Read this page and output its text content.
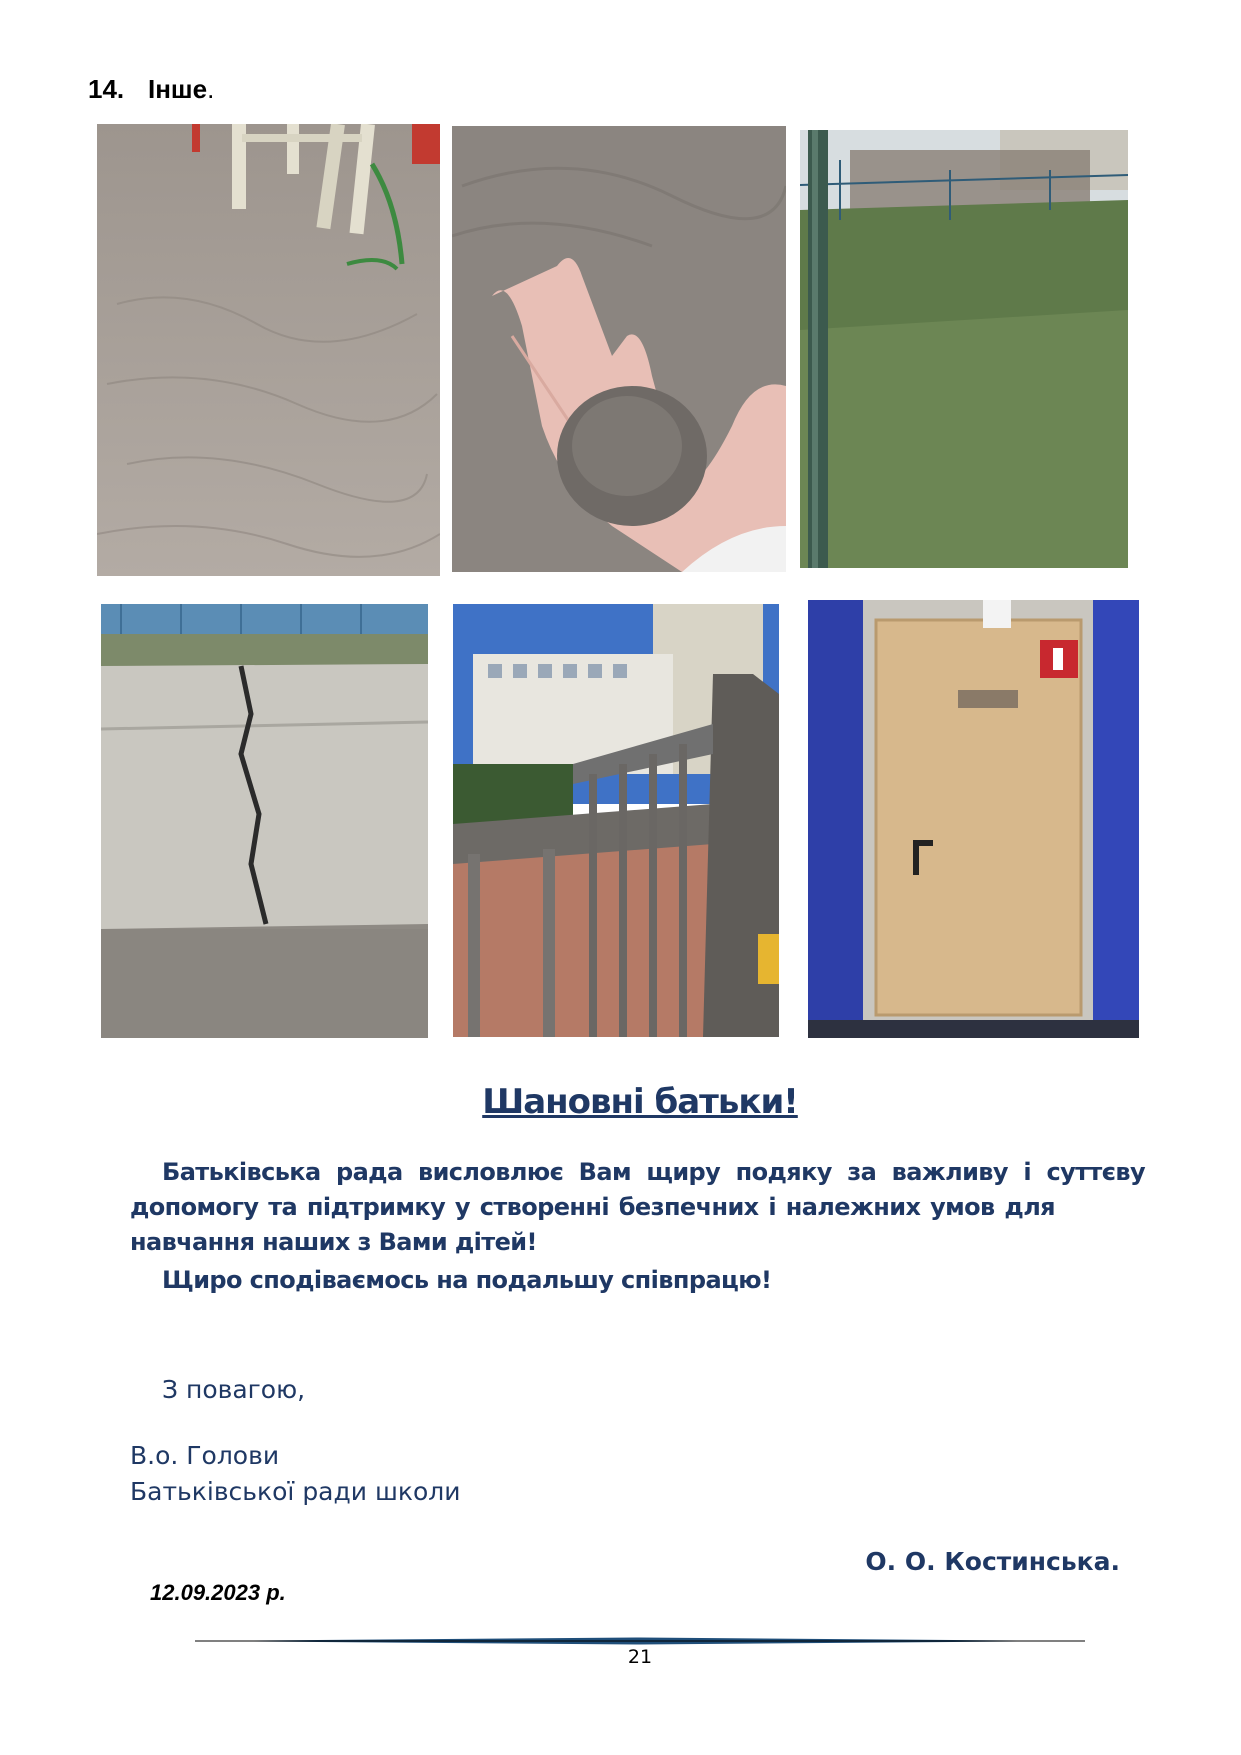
14. Інше.
Шановні батьки!
Батьківська рада висловлює Вам щиру подяку за важливу і суттєву
допомогу та підтримку у створенні безпечних і належних умов для
навчання наших з Вами дітей!
Щиро сподіваємось на подальшу співпрацю!
З повагою,
В.о. Голови
Батьківської ради школи
О. О. Костинська.
12.09.2023 р.
21
